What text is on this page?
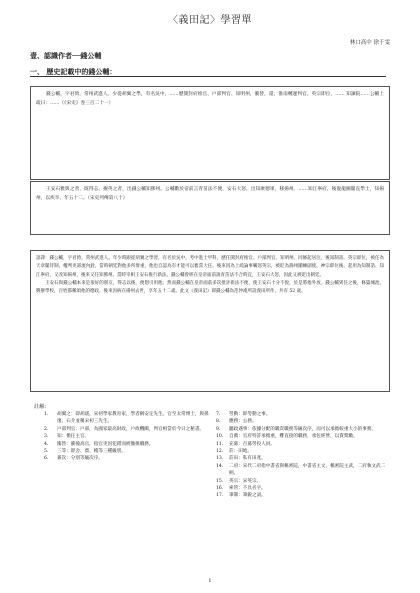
〈義田記〉學習單
林口高中 徐千雯
壹、認識作者──錢公輔
一、 歷史記載中的錢公輔：
錢公輔，字君倚，常州武進人。少從胡翼之學，有名吳中，……歷開封府推官、戶部判官、知明州，衝替，還，淮南轉運判官。英宗即位，…… 知諫院……公輔上疏曰：……（《宋史》卷三百二十一）
王安石雅與之善，既得志，擢英之者，出錢公輔知鄧州。公輔數於帝前言青苗法不便，安石大怒，出知廣德軍，移揚州。……知江寧府，後復龍圖閣直學士，知揚州，以疾卒，年五十二。（宋史列傳第八十）

語譯：錢公輔，字君倚，常州武進人。年少時跟從胡翼之學習，有名於吳中。考中進士甲科，歷任開封府推官、戶部判官、知明州、同修起居注，後知制誥。英宗即位，被任為天章閣待制，權判吏部流內銓，當時朝廷對他多所倚重，他也自認為有才能可以擔當大任。後來因為上疏論事觸怒英宗，被貶為滁州團練副使。神宗即位後，起用為知制誥、知江寧府，又改知揚州，後來又任知鄧州。當時宰相王安石推行新法，錢公輔曾經在皇帝面前說青苗法不合時宜，王安石大怒，因此又被貶出朝廷。

王安石與錢公輔本來是很好的朋友，得志以後，便想引用他；然而錢公輔在皇帝面前多次批評新法不便，使王安石十分不悅，於是將他外放。錢公輔到任之後，修築城池，興辦學校，百姓都稱頌他的德政。後來因病在揚州去世，享年五十二歲。此文《義田記》即錢公輔為范仲淹所設義田所作，共有 52 歲。

註解：
1.	胡翼之：即胡瑗，宋初學家教育家，學者稱安定先生。官至太常博士，與孫復、石介並稱宋初三先生。
2.	戶部判官：戶部，為國家最高財政，戶政機關，判官相當於今日之秘書。
3.	知：擔任主官。
4.	衝替：衝撞高官，指官吏因犯錯而被撤換職務。
5.	三等：即舍、齋、稽等三種級別。
6.	兼次：分別等級次序。
7.	勞動：即勞動之事。
8.	應務：公務。
9.	聽政遇事：依據分配的職責職務等級次序，而可以承擔較重大小的事務。
10.	自薦：官府特許承擔重，難直接的職務，承包經營，以資獎勵。
11.	充募：召募勞役人員。
12.	莊：田地。
13.	莊田：私有田產。
14.	二府：宋代二府指中書省與樞密院，中書省主文，樞密院主武，二府執文武二柄。
15.	英宗：宋英宗。
16.	索管：不具名字。
17.	筆制：筆銳之詞。
1
